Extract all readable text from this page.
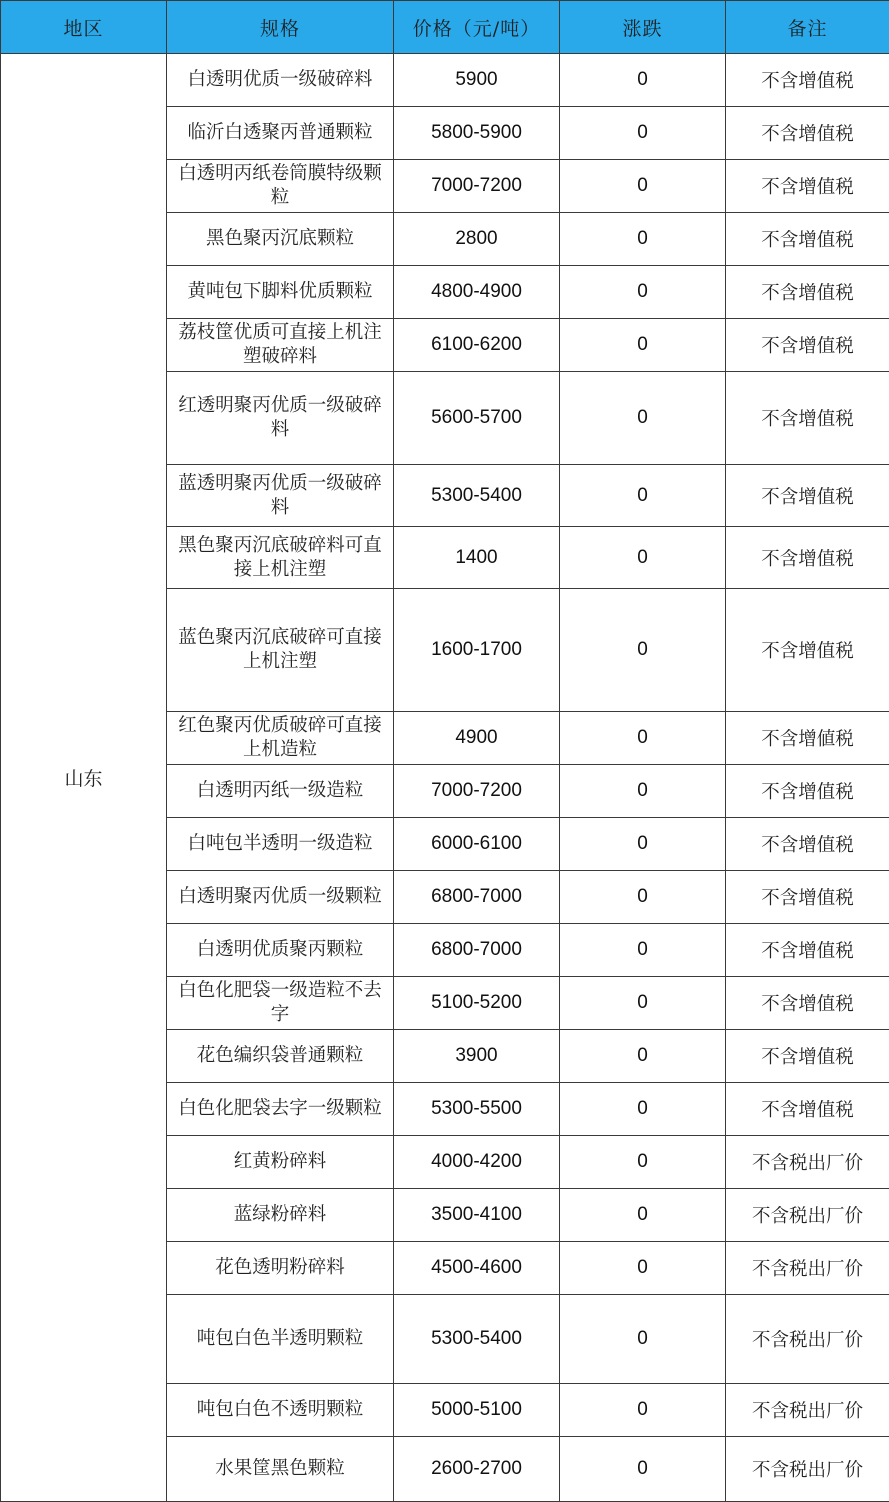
地区	规格	价格（元/吨）	涨跌	备注
山东	白透明优质一级破碎料	5900	0	不含增值税
	临沂白透聚丙普通颗粒	5800-5900	0	不含增值税
	白透明丙纸卷筒膜特级颗粒	7000-7200	0	不含增值税
	黑色聚丙沉底颗粒	2800	0	不含增值税
	黄吨包下脚料优质颗粒	4800-4900	0	不含增值税
	荔枝筐优质可直接上机注塑破碎料	6100-6200	0	不含增值税
	红透明聚丙优质一级破碎料	5600-5700	0	不含增值税
	蓝透明聚丙优质一级破碎料	5300-5400	0	不含增值税
	黑色聚丙沉底破碎料可直接上机注塑	1400	0	不含增值税
	蓝色聚丙沉底破碎可直接上机注塑	1600-1700	0	不含增值税
	红色聚丙优质破碎可直接上机造粒	4900	0	不含增値税
	白透明丙纸一级造粒	7000-7200	0	不含增值税
	白吨包半透明一级造粒	6000-6100	0	不含增值税
	白透明聚丙优质一级颗粒	6800-7000	0	不含增值税
	白透明优质聚丙颗粒	6800-7000	0	不含增值税
	白色化肥袋一级造粒不去字	5100-5200	0	不含增值税
	花色编织袋普通颗粒	3900	0	不含增值税
	白色化肥袋去字一级颗粒	5300-5500	0	不含增值税
	红黄粉碎料	4000-4200	0	不含税出厂价
	蓝绿粉碎料	3500-4100	0	不含税出厂价
	花色透明粉碎料	4500-4600	0	不含税出厂价
	吨包白色半透明颗粒	5300-5400	0	不含税出厂价
	吨包白色不透明颗粒	5000-5100	0	不含税出厂价
	水果筐黑色颗粒	2600-2700	0	不含税出厂价
